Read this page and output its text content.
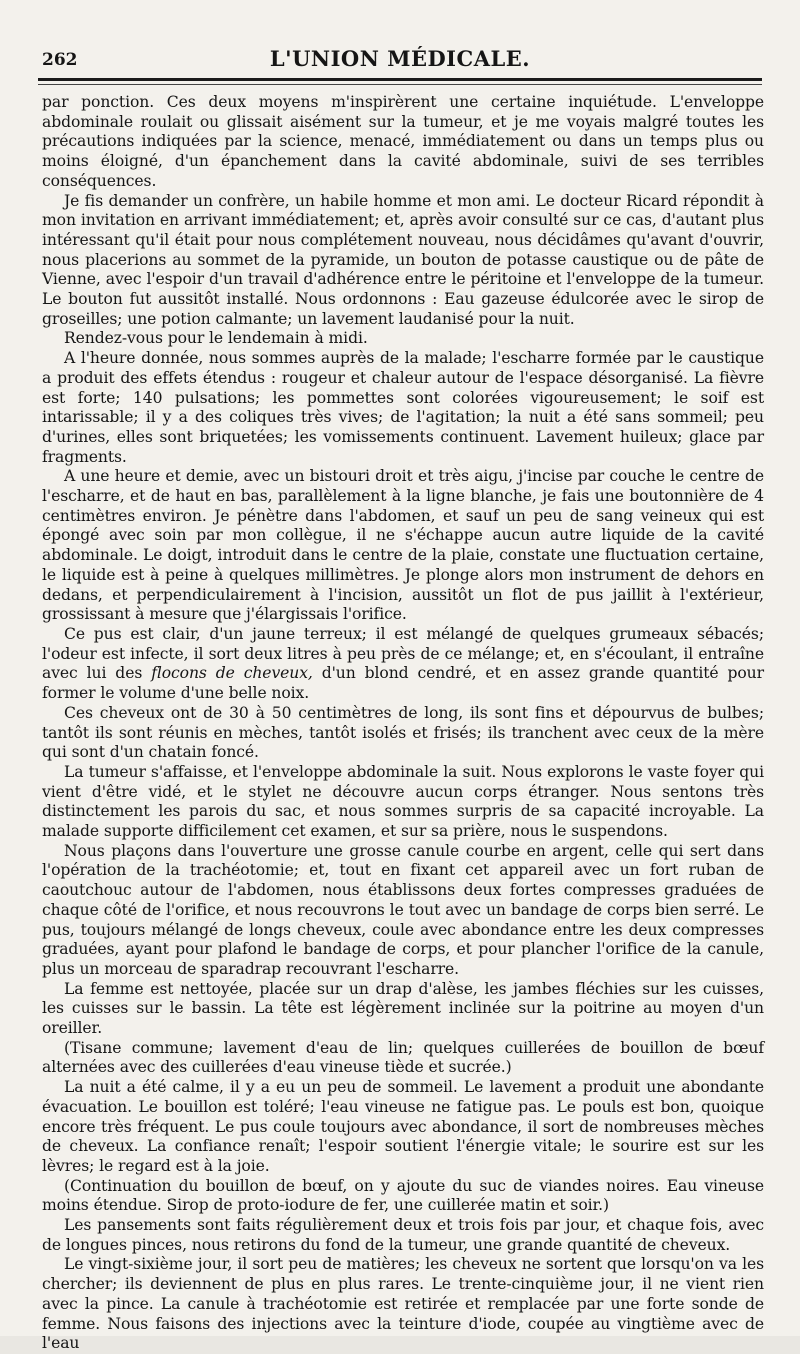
262	L'UNION MÉDICALE.

par ponction. Ces deux moyens m'inspirèrent une certaine inquiétude. L'enveloppe abdominale roulait ou glissait aisément sur la tumeur, et je me voyais malgré toutes les précautions indiquées par la science, menacé, immédiatement ou dans un temps plus ou moins éloigné, d'un épanchement dans la cavité abdominale, suivi de ses terribles conséquences.

Je fis demander un confrère, un habile homme et mon ami. Le docteur Ricard répondit à mon invitation en arrivant immédiatement; et, après avoir consulté sur ce cas, d'autant plus intéressant qu'il était pour nous complétement nouveau, nous décidâmes qu'avant d'ouvrir, nous placerions au sommet de la pyramide, un bouton de potasse caustique ou de pâte de Vienne, avec l'espoir d'un travail d'adhérence entre le péritoine et l'enveloppe de la tumeur. Le bouton fut aussitôt installé. Nous ordonnons : Eau gazeuse édulcorée avec le sirop de groseilles; une potion calmante; un lavement laudanisé pour la nuit.

Rendez-vous pour le lendemain à midi.

A l'heure donnée, nous sommes auprès de la malade; l'escharre formée par le caustique a produit des effets étendus : rougeur et chaleur autour de l'espace désorganisé. La fièvre est forte; 140 pulsations; les pommettes sont colorées vigoureusement; le soif est intarissable; il y a des coliques très vives; de l'agitation; la nuit a été sans sommeil; peu d'urines, elles sont briquetées; les vomissements continuent. Lavement huileux; glace par fragments.

A une heure et demie, avec un bistouri droit et très aigu, j'incise par couche le centre de l'escharre, et de haut en bas, parallèlement à la ligne blanche, je fais une boutonnière de 4 centimètres environ. Je pénètre dans l'abdomen, et sauf un peu de sang veineux qui est épongé avec soin par mon collègue, il ne s'échappe aucun autre liquide de la cavité abdominale. Le doigt, introduit dans le centre de la plaie, constate une fluctuation certaine, le liquide est à peine à quelques millimètres. Je plonge alors mon instrument de dehors en dedans, et perpendiculairement à l'incision, aussitôt un flot de pus jaillit à l'extérieur, grossissant à mesure que j'élargissais l'orifice.

Ce pus est clair, d'un jaune terreux; il est mélangé de quelques grumeaux sébacés; l'odeur est infecte, il sort deux litres à peu près de ce mélange; et, en s'écoulant, il entraîne avec lui des flocons de cheveux, d'un blond cendré, et en assez grande quantité pour former le volume d'une belle noix.

Ces cheveux ont de 30 à 50 centimètres de long, ils sont fins et dépourvus de bulbes; tantôt ils sont réunis en mèches, tantôt isolés et frisés; ils tranchent avec ceux de la mère qui sont d'un chatain foncé.

La tumeur s'affaisse, et l'enveloppe abdominale la suit. Nous explorons le vaste foyer qui vient d'être vidé, et le stylet ne découvre aucun corps étranger. Nous sentons très distinctement les parois du sac, et nous sommes surpris de sa capacité incroyable. La malade supporte difficilement cet examen, et sur sa prière, nous le suspendons.

Nous plaçons dans l'ouverture une grosse canule courbe en argent, celle qui sert dans l'opération de la trachéotomie; et, tout en fixant cet appareil avec un fort ruban de caoutchouc autour de l'abdomen, nous établissons deux fortes compresses graduées de chaque côté de l'orifice, et nous recouvrons le tout avec un bandage de corps bien serré. Le pus, toujours mélangé de longs cheveux, coule avec abondance entre les deux compresses graduées, ayant pour plafond le bandage de corps, et pour plancher l'orifice de la canule, plus un morceau de sparadrap recouvrant l'escharre.

La femme est nettoyée, placée sur un drap d'alèse, les jambes fléchies sur les cuisses, les cuisses sur le bassin. La tête est légèrement inclinée sur la poitrine au moyen d'un oreiller.

(Tisane commune; lavement d'eau de lin; quelques cuillerées de bouillon de bœuf alternées avec des cuillerées d'eau vineuse tiède et sucrée.)

La nuit a été calme, il y a eu un peu de sommeil. Le lavement a produit une abondante évacuation. Le bouillon est toléré; l'eau vineuse ne fatigue pas. Le pouls est bon, quoique encore très fréquent. Le pus coule toujours avec abondance, il sort de nombreuses mèches de cheveux. La confiance renaît; l'espoir soutient l'énergie vitale; le sourire est sur les lèvres; le regard est à la joie.

(Continuation du bouillon de bœuf, on y ajoute du suc de viandes noires. Eau vineuse moins étendue. Sirop de proto-iodure de fer, une cuillerée matin et soir.)

Les pansements sont faits régulièrement deux et trois fois par jour, et chaque fois, avec de longues pinces, nous retirons du fond de la tumeur, une grande quantité de cheveux.

Le vingt-sixième jour, il sort peu de matières; les cheveux ne sortent que lorsqu'on va les chercher; ils deviennent de plus en plus rares. Le trente-cinquième jour, il ne vient rien avec la pince. La canule à trachéotomie est retirée et remplacée par une forte sonde de femme. Nous faisons des injections avec la teinture d'iode, coupée au vingtième avec de l'eau
